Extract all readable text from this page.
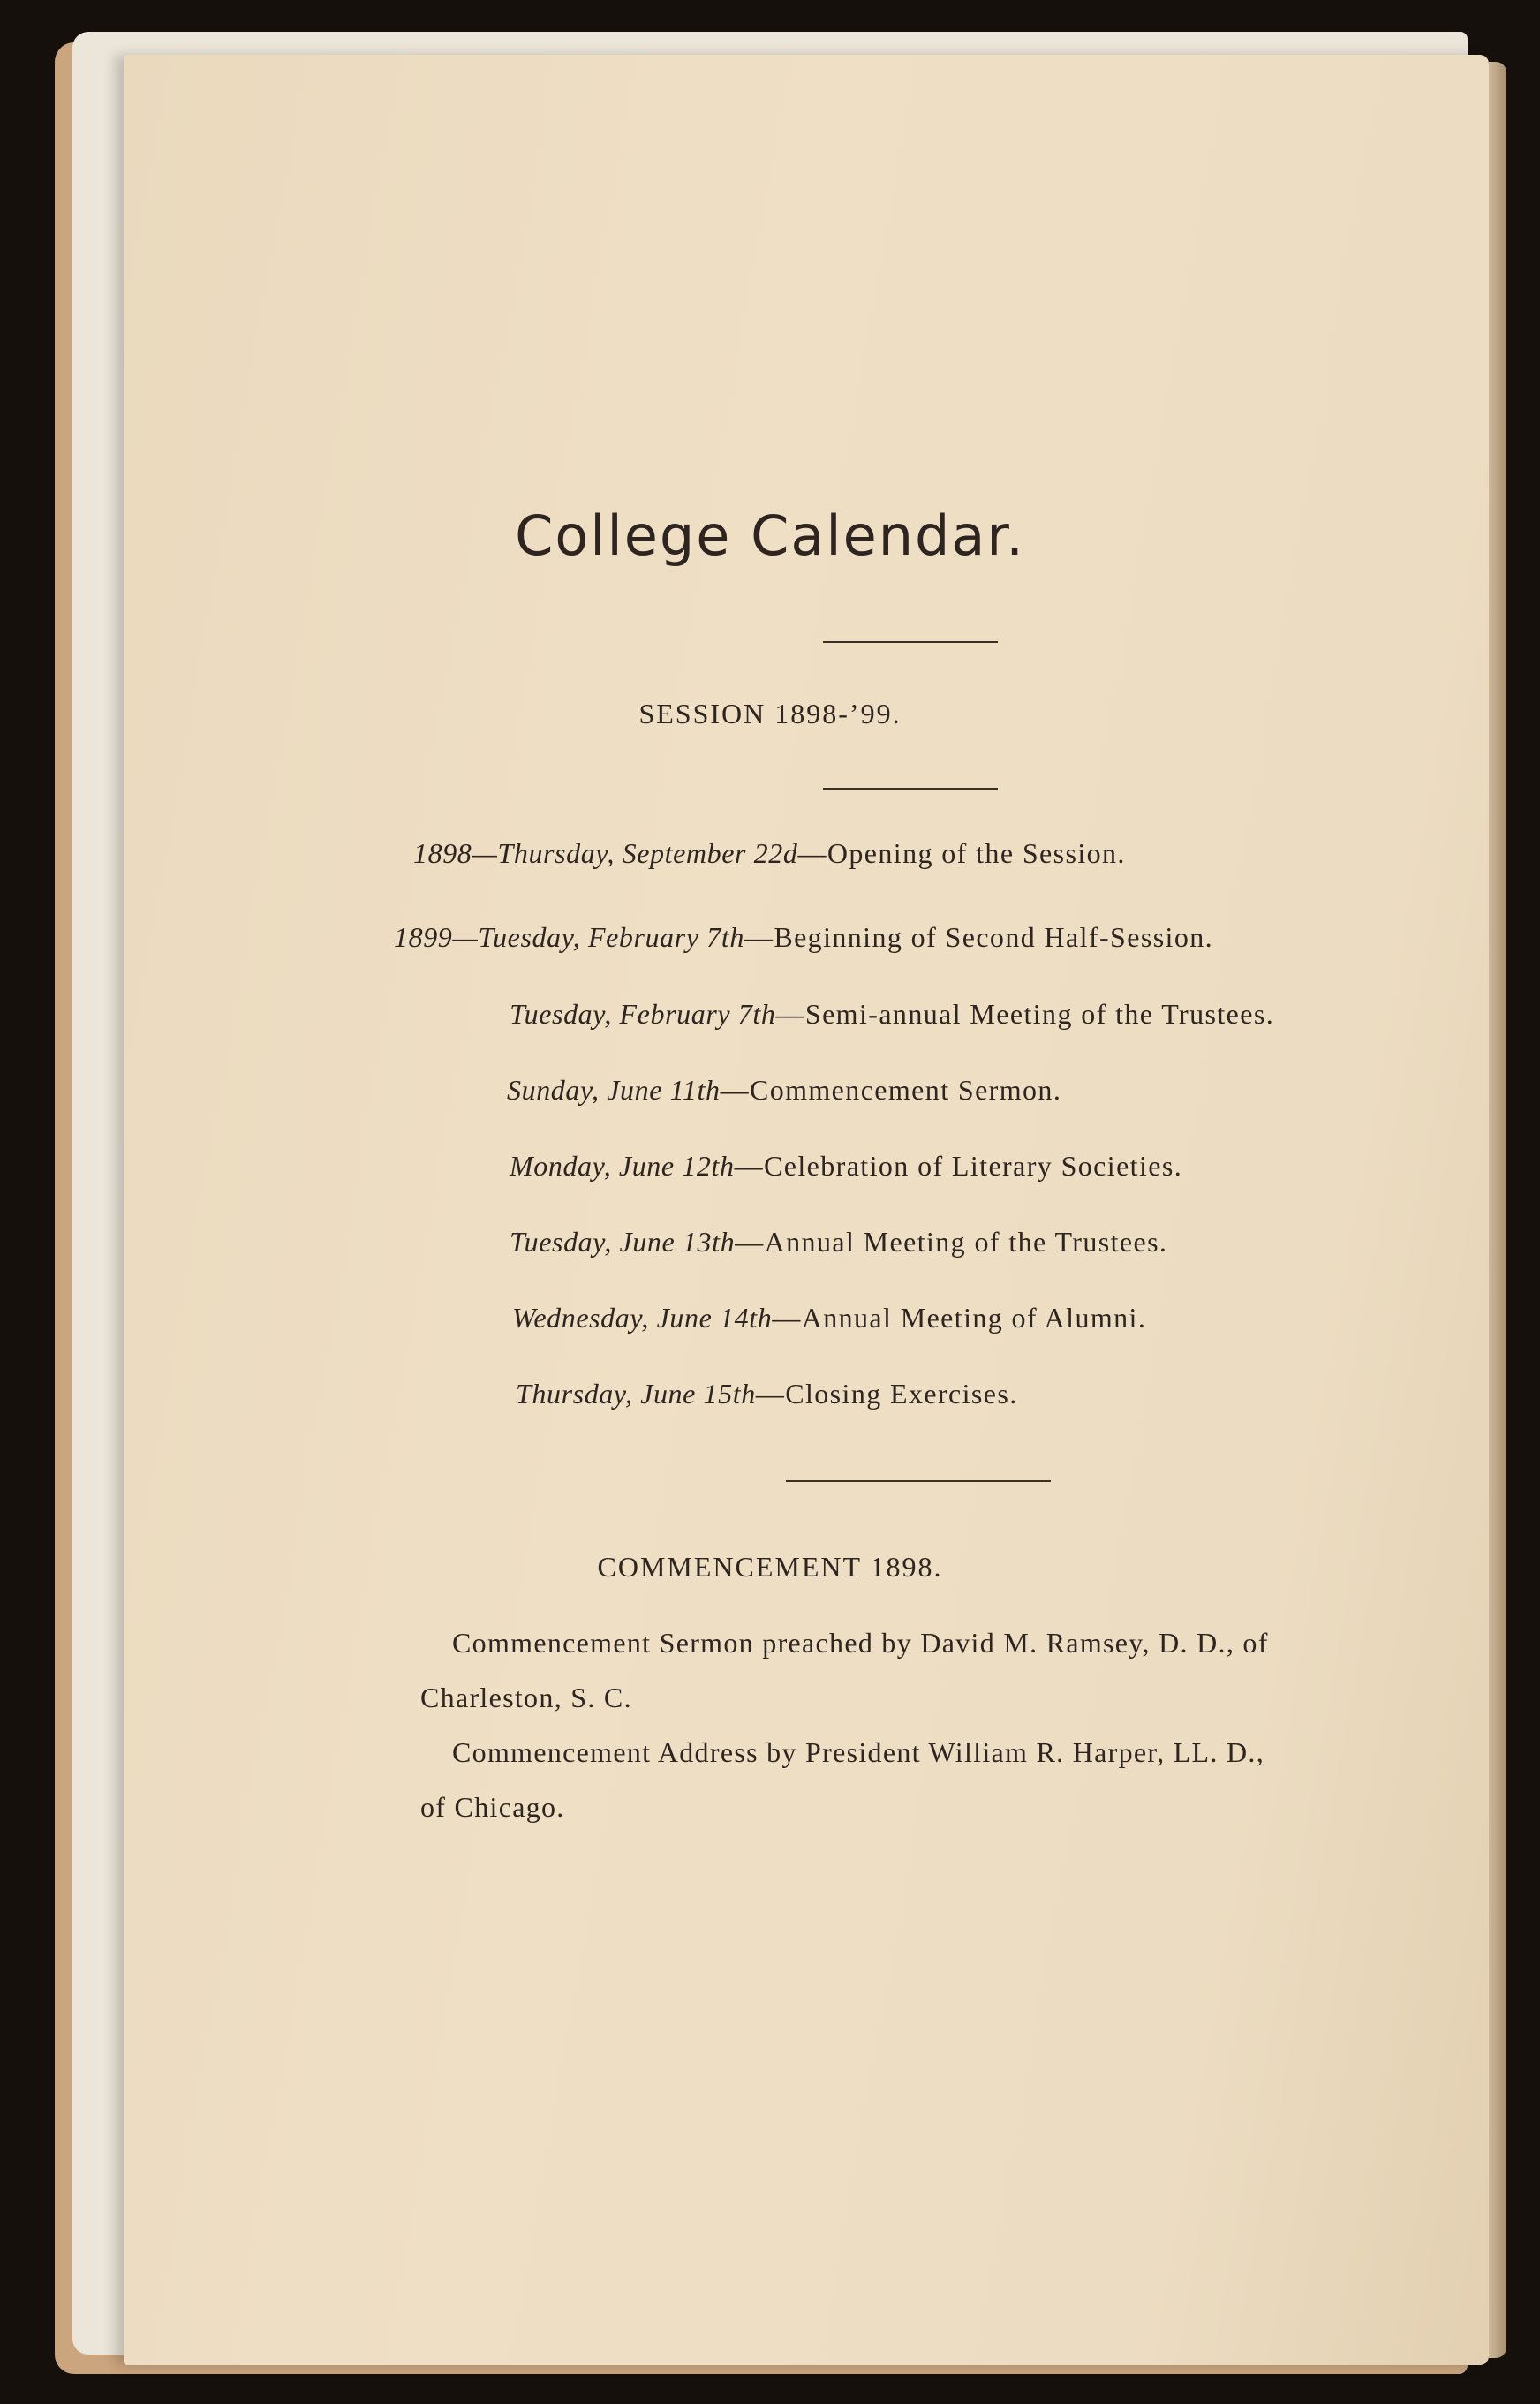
College Calendar.
SESSION 1898-’99.
1898—Thursday, September 22d—Opening of the Session.
1899—Tuesday, February 7th—Beginning of Second Half-Session.
Tuesday, February 7th—Semi-annual Meeting of the Trustees.
Sunday, June 11th—Commencement Sermon.
Monday, June 12th—Celebration of Literary Societies.
Tuesday, June 13th—Annual Meeting of the Trustees.
Wednesday, June 14th—Annual Meeting of Alumni.
Thursday, June 15th—Closing Exercises.
COMMENCEMENT 1898.
Commencement Sermon preached by David M. Ramsey, D. D., of
Charleston, S. C.
Commencement Address by President William R. Harper, LL. D.,
of Chicago.
